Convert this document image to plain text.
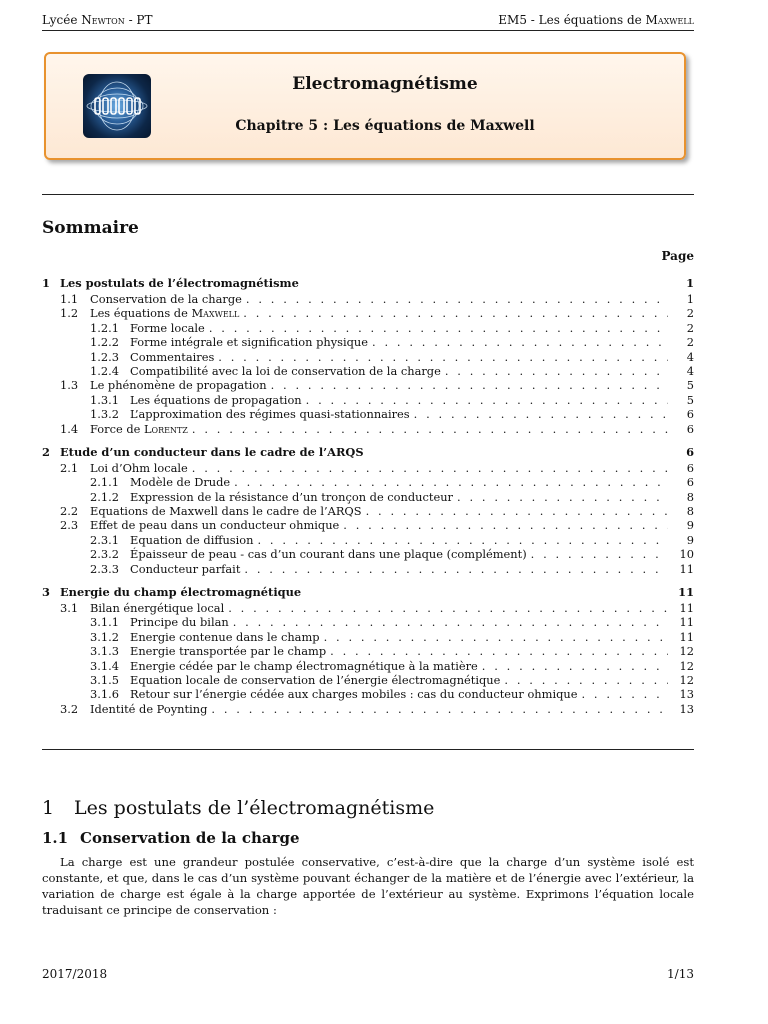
Lycée Newton - PT	EM5 - Les équations de Maxwell
Electromagnétisme
Chapitre 5 : Les équations de Maxwell
Sommaire
Page
1 Les postulats de l’électromagnétisme	1
1.1	Conservation de la charge . . .	1
1.2	Les équations de Maxwell . . .	2
1.2.1 Forme locale . . .	2
1.2.2 Forme intégrale et signification physique . . .	2
1.2.3 Commentaires . . .	4
1.2.4 Compatibilité avec la loi de conservation de la charge . . .	4
1.3	Le phénomène de propagation . . .	5
1.3.1 Les équations de propagation . . .	5
1.3.2 L’approximation des régimes quasi-stationnaires . . .	6
1.4	Force de Lorentz . . .	6
2 Etude d’un conducteur dans le cadre de l’ARQS	6
2.1	Loi d’Ohm locale . . .	6
2.1.1 Modèle de Drude . . .	6
2.1.2 Expression de la résistance d’un tronçon de conducteur . . .	8
2.2	Equations de Maxwell dans le cadre de l’ARQS . . .	8
2.3	Effet de peau dans un conducteur ohmique . . .	9
2.3.1 Equation de diffusion . . .	9
2.3.2 Épaisseur de peau - cas d’un courant dans une plaque (complément) . . .	10
2.3.3 Conducteur parfait . . .	11
3 Energie du champ électromagnétique	11
3.1	Bilan énergétique local . . .	11
3.1.1 Principe du bilan . . .	11
3.1.2 Energie contenue dans le champ . . .	11
3.1.3 Energie transportée par le champ . . .	12
3.1.4 Energie cédée par le champ électromagnétique à la matière . . .	12
3.1.5 Equation locale de conservation de l’énergie électromagnétique . . .	12
3.1.6 Retour sur l’énergie cédée aux charges mobiles : cas du conducteur ohmique . . .	13
3.2	Identité de Poynting . . .	13
1 Les postulats de l’électromagnétisme
1.1 Conservation de la charge
La charge est une grandeur postulée conservative, c’est-à-dire que la charge d’un système isolé est constante, et que, dans le cas d’un système pouvant échanger de la matière et de l’énergie avec l’extérieur, la variation de charge est égale à la charge apportée de l’extérieur au système. Exprimons l’équation locale traduisant ce principe de conservation :
2017/2018	1/13
